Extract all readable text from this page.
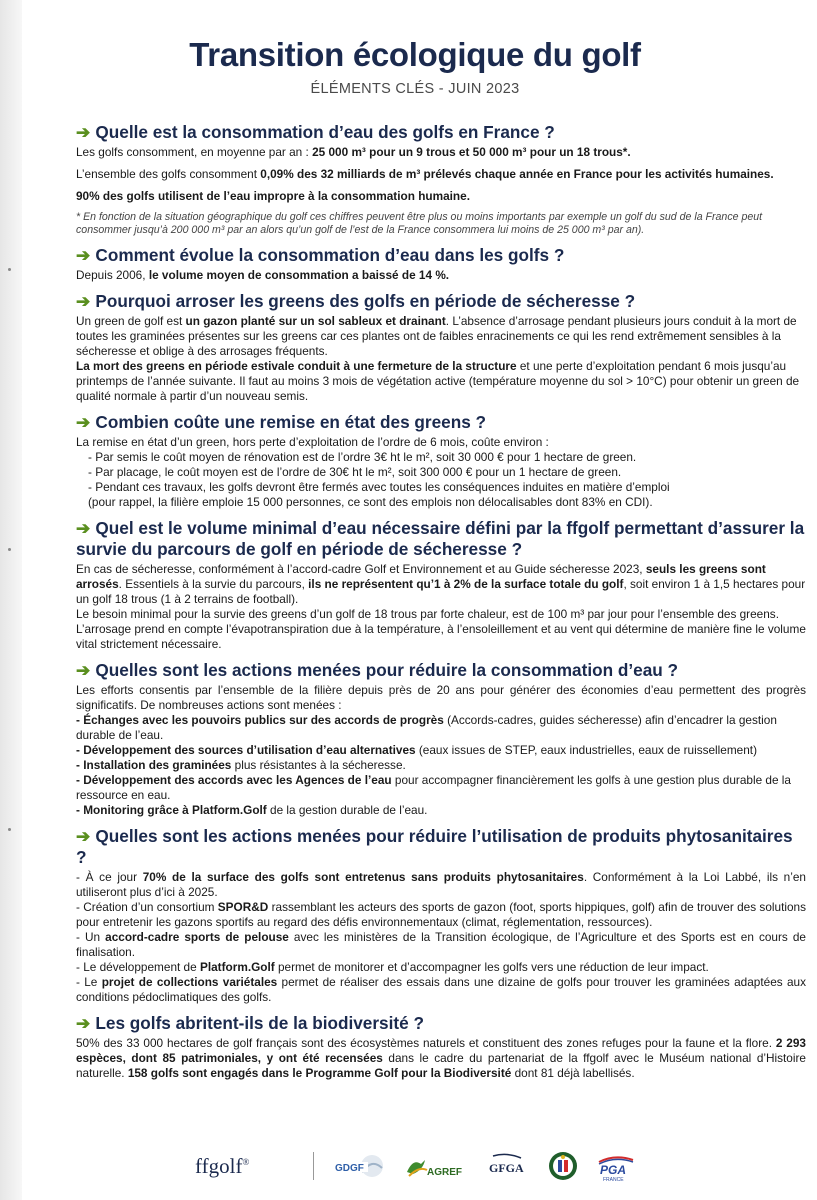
Transition écologique du golf
ÉLÉMENTS CLÉS - JUIN 2023
➔ Quelle est la consommation d’eau des golfs en France ?

Les golfs consomment, en moyenne par an : 25 000 m³ pour un 9 trous et 50 000 m³ pour un 18 trous*.

L’ensemble des golfs consomment 0,09% des 32 milliards de m³ prélevés chaque année en France pour les activités humaines.

90% des golfs utilisent de l’eau impropre à la consommation humaine.

* En fonction de la situation géographique du golf ces chiffres peuvent être plus ou moins importants par exemple un golf du sud de la France peut consommer jusqu’à 200 000 m³ par an alors qu’un golf de l’est de la France consommera lui moins de 25 000 m³ par an).

➔ Comment évolue la consommation d’eau dans les golfs ?

Depuis 2006, le volume moyen de consommation a baissé de 14 %.

➔ Pourquoi arroser les greens des golfs en période de sécheresse ?

Un green de golf est un gazon planté sur un sol sableux et drainant. L’absence d’arrosage pendant plusieurs jours conduit à la mort de toutes les graminées présentes sur les greens car ces plantes ont de faibles enracinements ce qui les rend extrêmement sensibles à la sécheresse et oblige à des arrosages fréquents.

La mort des greens en période estivale conduit à une fermeture de la structure et une perte d’exploitation pendant 6 mois jusqu’au printemps de l’année suivante. Il faut au moins 3 mois de végétation active (température moyenne du sol > 10°C) pour obtenir un green de qualité normale à partir d’un nouveau semis.

➔ Combien coûte une remise en état des greens ?

La remise en état d’un green, hors perte d’exploitation de l’ordre de 6 mois, coûte environ :

- Par semis le coût moyen de rénovation est de l’ordre 3€ ht le m², soit 30 000 € pour 1 hectare de green.

- Par placage, le coût moyen est de l’ordre de 30€ ht le m², soit 300 000 € pour un 1 hectare de green.

- Pendant ces travaux, les golfs devront être fermés avec toutes les conséquences induites en matière d’emploi

(pour rappel, la filière emploie 15 000 personnes, ce sont des emplois non délocalisables dont 83% en CDI).

➔ Quel est le volume minimal d’eau nécessaire défini par la ffgolf permettant d’assurer la survie du parcours de golf en période de sécheresse ?

En cas de sécheresse, conformément à l’accord-cadre Golf et Environnement et au Guide sécheresse 2023, seuls les greens sont arrosés. Essentiels à la survie du parcours, ils ne représentent qu’1 à 2% de la surface totale du golf, soit environ 1 à 1,5 hectares pour un golf 18 trous (1 à 2 terrains de football).

Le besoin minimal pour la survie des greens d’un golf de 18 trous par forte chaleur, est de 100 m³ par jour pour l’ensemble des greens. L’arrosage prend en compte l’évapotranspiration due à la température, à l’ensoleillement et au vent qui détermine de manière fine le volume vital strictement nécessaire.

➔ Quelles sont les actions menées pour réduire la consommation d’eau ?

Les efforts consentis par l’ensemble de la filière depuis près de 20 ans pour générer des économies d’eau permettent des progrès significatifs. De nombreuses actions sont menées :

- Échanges avec les pouvoirs publics sur des accords de progrès (Accords-cadres, guides sécheresse) afin d’encadrer la gestion durable de l’eau.

- Développement des sources d’utilisation d’eau alternatives (eaux issues de STEP, eaux industrielles, eaux de ruissellement)

- Installation des graminées plus résistantes à la sécheresse.

- Développement des accords avec les Agences de l’eau pour accompagner financièrement les golfs à une gestion plus durable de la ressource en eau.

- Monitoring grâce à Platform.Golf de la gestion durable de l’eau.

➔ Quelles sont les actions menées pour réduire l’utilisation de produits phytosanitaires ?

- À ce jour 70% de la surface des golfs sont entretenus sans produits phytosanitaires. Conformément à la Loi Labbé, ils n’en utiliseront plus d’ici à 2025.

- Création d’un consortium SPOR&D rassemblant les acteurs des sports de gazon (foot, sports hippiques, golf) afin de trouver des solutions pour entretenir les gazons sportifs au regard des défis environnementaux (climat, réglementation, ressources).

- Un accord-cadre sports de pelouse avec les ministères de la Transition écologique, de l’Agriculture et des Sports est en cours de finalisation.

- Le développement de Platform.Golf permet de monitorer et d’accompagner les golfs vers une réduction de leur impact.

- Le projet de collections variétales permet de réaliser des essais dans une dizaine de golfs pour trouver les graminées adaptées aux conditions pédoclimatiques des golfs.

➔ Les golfs abritent-ils de la biodiversité ?

50% des 33 000 hectares de golf français sont des écosystèmes naturels et constituent des zones refuges pour la faune et la flore. 2 293 espèces, dont 85 patrimoniales, y ont été recensées dans le cadre du partenariat de la ffgolf avec le Muséum national d’Histoire naturelle. 158 golfs sont engagés dans le Programme Golf pour la Biodiversité dont 81 déjà labellisés.

ffgolf®
GDGF	AGREF GFGA	PGA
FRANCE
